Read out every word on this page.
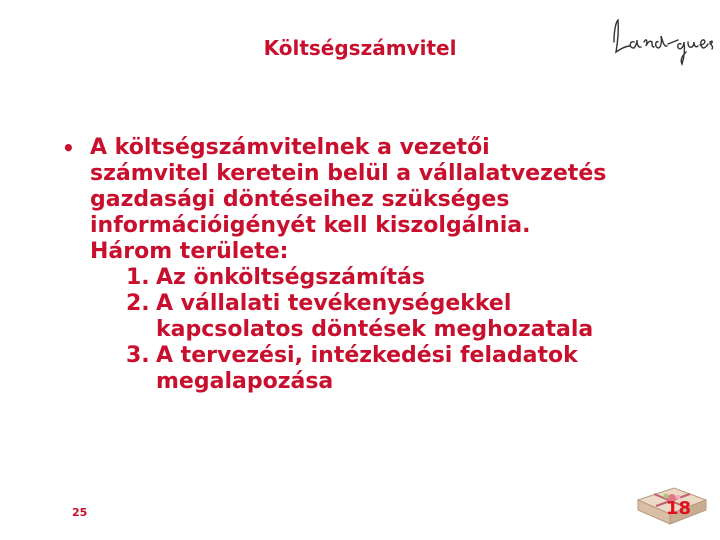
Költségszámvitel
• A költségszámvitelnek a vezetői
számvitel keretein belül a vállalatvezetés
gazdasági döntéseihez szükséges
információigényét kell kiszolgálnia.
Három területe:
1. Az önköltségszámítás
2. A vállalati tevékenységekkel
kapcsolatos döntések meghozatala
3. A tervezési, intézkedési feladatok
megalapozása
25	18
